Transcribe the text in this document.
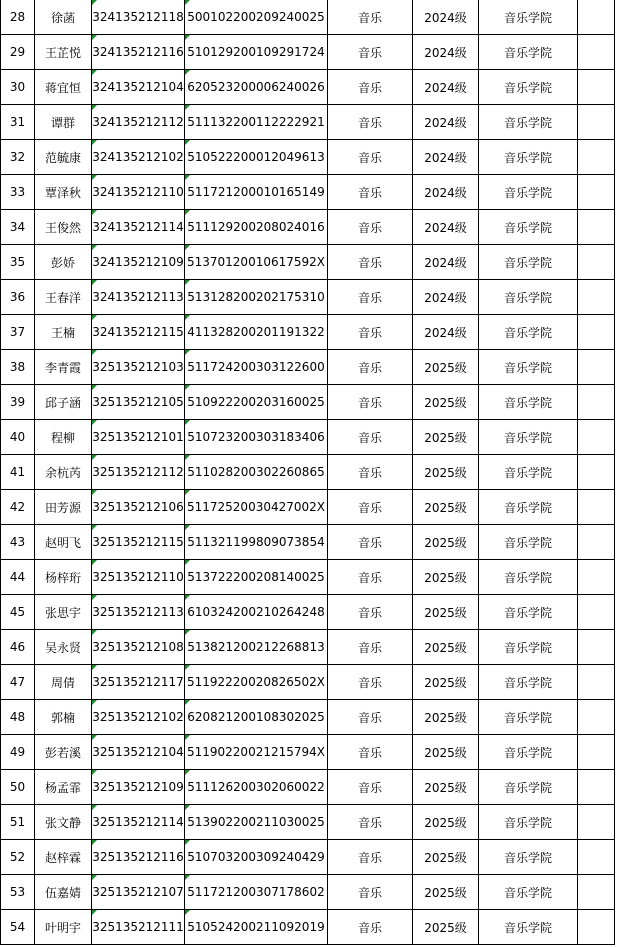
28	徐菡	324135212118	500102200209240025	音乐	2024级	音乐学院	
29	王芷悦	324135212116	510129200109291724	音乐	2024级	音乐学院	
30	蒋宜恒	324135212104	620523200006240026	音乐	2024级	音乐学院	
31	谭群	324135212112	511132200112222921	音乐	2024级	音乐学院	
32	范毓康	324135212102	510522200012049613	音乐	2024级	音乐学院	
33	覃泽秋	324135212110	511721200010165149	音乐	2024级	音乐学院	
34	王俊然	324135212114	511129200208024016	音乐	2024级	音乐学院	
35	彭娇	324135212109	51370120010617592X	音乐	2024级	音乐学院	
36	王春洋	324135212113	513128200202175310	音乐	2024级	音乐学院	
37	王楠	324135212115	411328200201191322	音乐	2024级	音乐学院	
38	李青霞	325135212103	511724200303122600	音乐	2025级	音乐学院	
39	邱子涵	325135212105	510922200203160025	音乐	2025级	音乐学院	
40	程柳	325135212101	510723200303183406	音乐	2025级	音乐学院	
41	余杭芮	325135212112	511028200302260865	音乐	2025级	音乐学院	
42	田芳源	325135212106	51172520030427002X	音乐	2025级	音乐学院	
43	赵明飞	325135212115	511321199809073854	音乐	2025级	音乐学院	
44	杨梓珩	325135212110	513722200208140025	音乐	2025级	音乐学院	
45	张思宇	325135212113	610324200210264248	音乐	2025级	音乐学院	
46	吴永贤	325135212108	513821200212268813	音乐	2025级	音乐学院	
47	周倩	325135212117	51192220020826502X	音乐	2025级	音乐学院	
48	郭楠	325135212102	620821200108302025	音乐	2025级	音乐学院	
49	彭若溪	325135212104	51190220021215794X	音乐	2025级	音乐学院	
50	杨孟霏	325135212109	511126200302060022	音乐	2025级	音乐学院	
51	张文静	325135212114	513902200211030025	音乐	2025级	音乐学院	
52	赵梓霖	325135212116	510703200309240429	音乐	2025级	音乐学院	
53	伍嘉婧	325135212107	511721200307178602	音乐	2025级	音乐学院	
54	叶明宇	325135212111	510524200211092019	音乐	2025级	音乐学院	
